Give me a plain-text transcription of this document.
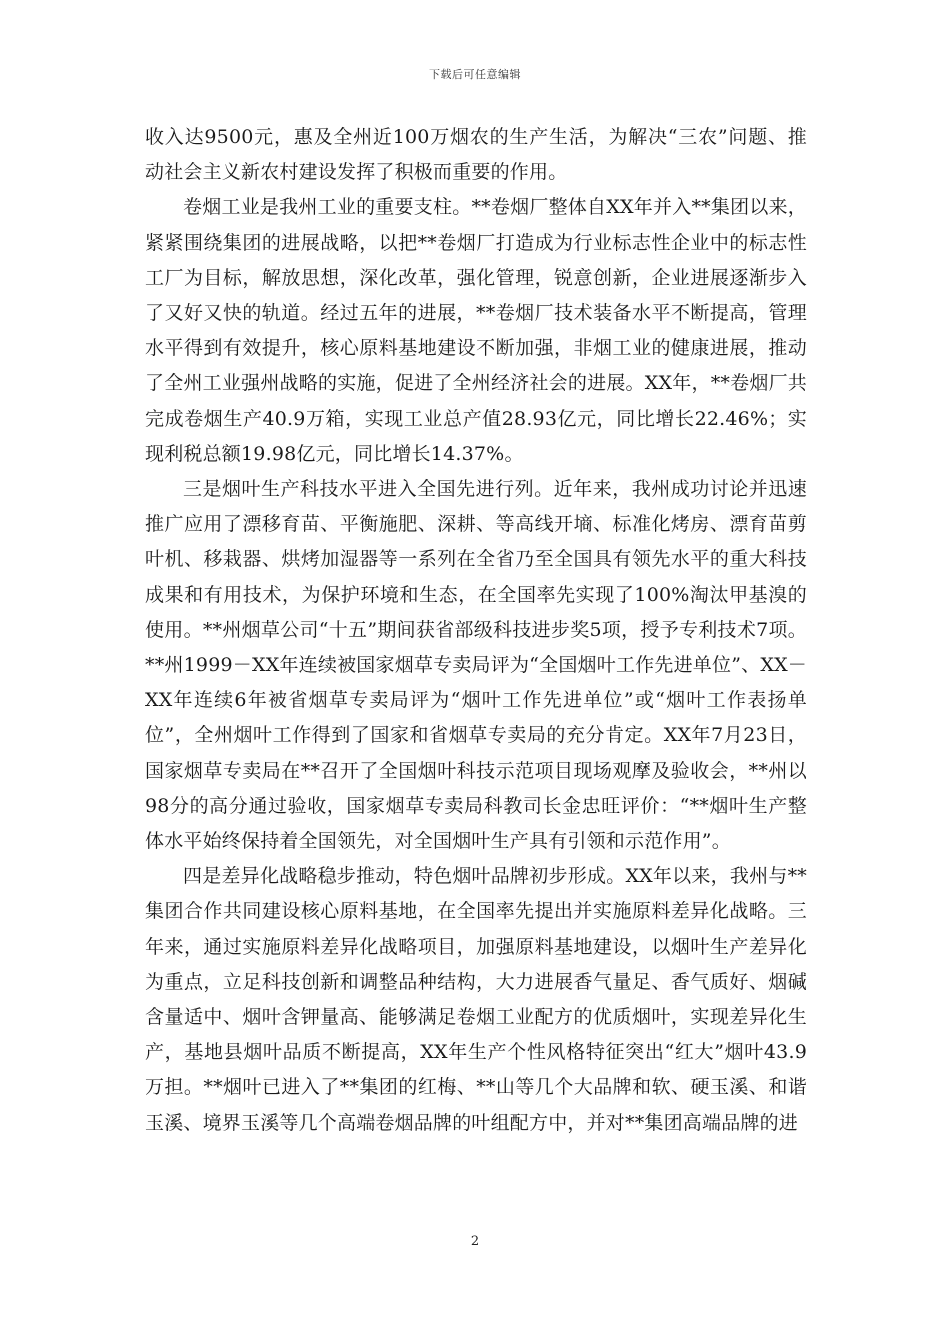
下载后可任意编辑

收入达9500元，惠及全州近100万烟农的生产生活，为解决“三农”问题、推动社会主义新农村建设发挥了积极而重要的作用。

卷烟工业是我州工业的重要支柱。**卷烟厂整体自XX年并入**集团以来，紧紧围绕集团的进展战略，以把**卷烟厂打造成为行业标志性企业中的标志性工厂为目标，解放思想，深化改革，强化管理，锐意创新，企业进展逐渐步入了又好又快的轨道。经过五年的进展，**卷烟厂技术装备水平不断提高，管理水平得到有效提升，核心原料基地建设不断加强，非烟工业的健康进展，推动了全州工业强州战略的实施，促进了全州经济社会的进展。XX年，**卷烟厂共完成卷烟生产40.9万箱，实现工业总产值28.93亿元，同比增长22.46%；实现利税总额19.98亿元，同比增长14.37%。

三是烟叶生产科技水平进入全国先进行列。近年来，我州成功讨论并迅速推广应用了漂移育苗、平衡施肥、深耕、等高线开墒、标准化烤房、漂育苗剪叶机、移栽器、烘烤加湿器等一系列在全省乃至全国具有领先水平的重大科技成果和有用技术，为保护环境和生态，在全国率先实现了100%淘汰甲基溴的使用。**州烟草公司“十五”期间获省部级科技进步奖5项，授予专利技术7项。**州1999－XX年连续被国家烟草专卖局评为“全国烟叶工作先进单位”、XX－XX年连续6年被省烟草专卖局评为“烟叶工作先进单位”或“烟叶工作表扬单位”，全州烟叶工作得到了国家和省烟草专卖局的充分肯定。XX年7月23日，国家烟草专卖局在**召开了全国烟叶科技示范项目现场观摩及验收会，**州以98分的高分通过验收，国家烟草专卖局科教司长金忠旺评价：“**烟叶生产整体水平始终保持着全国领先，对全国烟叶生产具有引领和示范作用”。

四是差异化战略稳步推动，特色烟叶品牌初步形成。XX年以来，我州与**集团合作共同建设核心原料基地，在全国率先提出并实施原料差异化战略。三年来，通过实施原料差异化战略项目，加强原料基地建设，以烟叶生产差异化为重点，立足科技创新和调整品种结构，大力进展香气量足、香气质好、烟碱含量适中、烟叶含钾量高、能够满足卷烟工业配方的优质烟叶，实现差异化生产，基地县烟叶品质不断提高，XX年生产个性风格特征突出“红大”烟叶43.9万担。**烟叶已进入了**集团的红梅、**山等几个大品牌和软、硬玉溪、和谐玉溪、境界玉溪等几个高端卷烟品牌的叶组配方中，并对**集团高端品牌的进

2
